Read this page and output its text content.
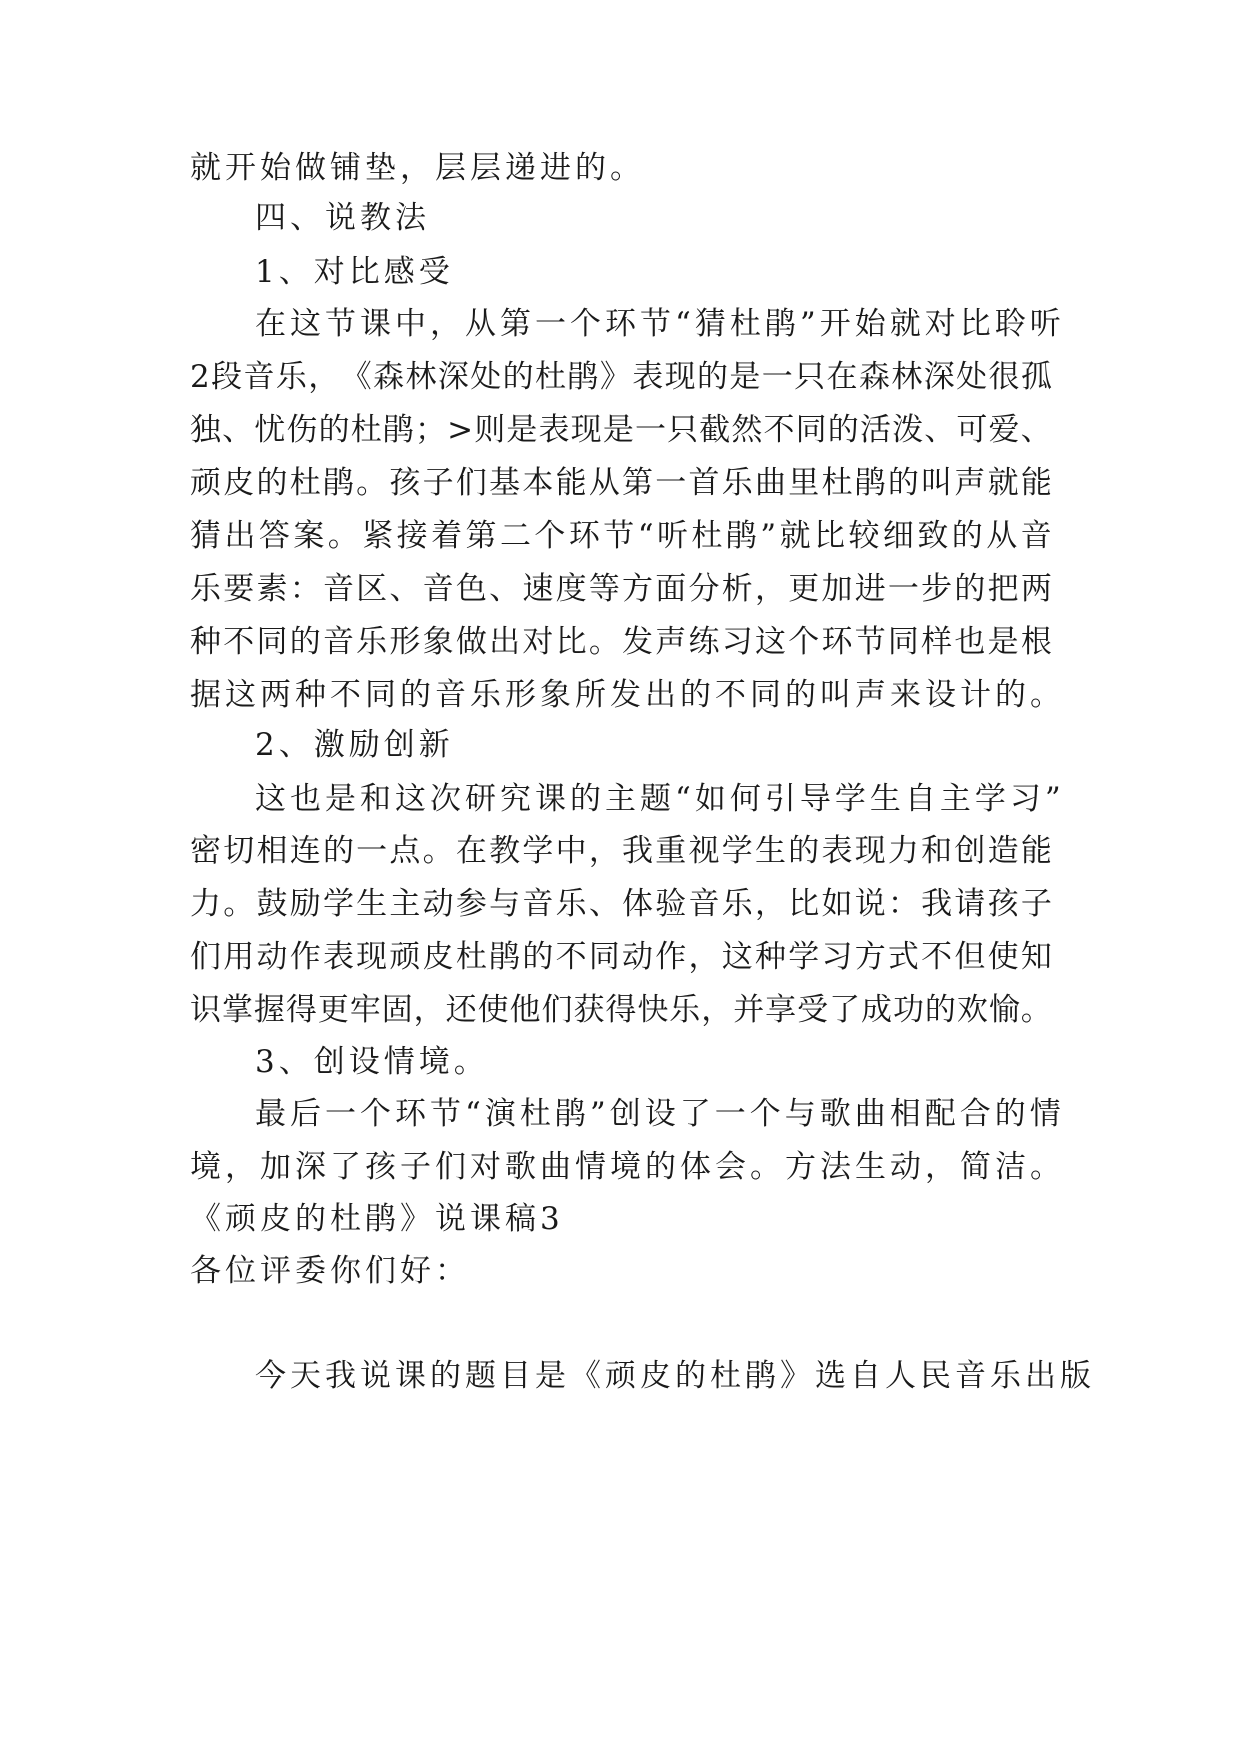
就开始做铺垫，层层递进的。
四、说教法
1、对比感受
在这节课中，从第一个环节“猜杜鹃”开始就对比聆听
2 段 音 乐 ， 《 森 林 深 处 的 杜 鹃 》 表 现 的 是 一 只 在 森 林 深 处 很 孤
独 、 忧 伤 的 杜 鹃 ； > 则 是 表 现 是 一 只 截 然 不 同 的 活 泼 、 可 爱 、
顽 皮 的 杜 鹃 。 孩 子 们 基 本 能 从 第 一 首 乐 曲 里 杜 鹃 的 叫 声 就 能
猜 出 答 案 。 紧 接 着 第 二 个 环 节 “ 听 杜 鹃 ” 就 比 较 细 致 的 从 音
乐 要 素 ： 音 区 、 音 色 、 速 度 等 方 面 分 析 ， 更 加 进 一 步 的 把 两
种 不 同 的 音 乐 形 象 做 出 对 比 。 发 声 练 习 这 个 环 节 同 样 也 是 根
据这两种不同的音乐形象所发出的不同的叫声来设计的。
2、激励创新
这也是和这次研究课的主题“如何引导学生自主学习”
密 切 相 连 的 一 点 。 在 教 学 中 ， 我 重 视 学 生 的 表 现 力 和 创 造 能
力 。 鼓 励 学 生 主 动 参 与 音 乐 、 体 验 音 乐 ， 比 如 说 ： 我 请 孩 子
们 用 动 作 表 现 顽 皮 杜 鹃 的 不 同 动 作 ， 这 种 学 习 方 式 不 但 使 知
识 掌 握 得 更 牢 固 ， 还 使 他 们 获 得 快 乐 ， 并 享 受 了 成 功 的 欢 愉 。
3、创设情境。
最后一个环节“演杜鹃”创设了一个与歌曲相配合的情
境，加深了孩子们对歌曲情境的体会。方法生动，简洁。
《顽皮的杜鹃》说课稿3
各位评委你们好：
今天我说课的题目是《顽皮的杜鹃》选自人民音乐出版
